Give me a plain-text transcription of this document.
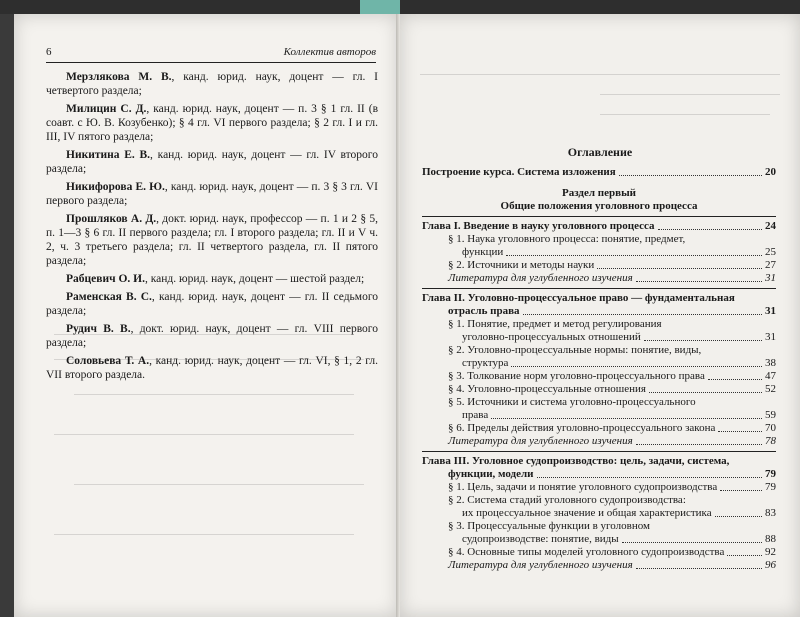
6	Коллектив авторов

Мерзлякова М. В., канд. юрид. наук, доцент — гл. I четвертого раздела;

Милицин С. Д., канд. юрид. наук, доцент — п. 3 § 1 гл. II (в соавт. с Ю. В. Козубенко); § 4 гл. VI первого раздела; § 2 гл. I и гл. III, IV пятого раздела;

Никитина Е. В., канд. юрид. наук, доцент — гл. IV второго раздела;

Никифорова Е. Ю., канд. юрид. наук, доцент — п. 3 § 3 гл. VI первого раздела;

Прошляков А. Д., докт. юрид. наук, профессор — п. 1 и 2 § 5, п. 1—3 § 6 гл. II первого раздела; гл. I второго раздела; гл. II и V ч. 2, ч. 3 третьего раздела; гл. II четвертого раздела, гл. II пятого раздела;

Рабцевич О. И., канд. юрид. наук, доцент — шестой раздел;

Раменская В. С., канд. юрид. наук, доцент — гл. II седьмого раздела;

Рудич В. В., докт. юрид. наук, доцент — гл. VIII первого раздела;

Соловьева Т. А., канд. юрид. наук, доцент — гл. VI, § 1, 2 гл. VII второго раздела.

Оглавление
Построение курса. Система изложения	20
Раздел первый
Общие положения уголовного процесса
Глава I. Введение в науку уголовного процесса	24
§ 1. Наука уголовного процесса: понятие, предмет,
функции	25
§ 2. Источники и методы науки	27
Литература для углубленного изучения	31
Глава II. Уголовно-процессуальное право — фундаментальная
отрасль права	31
§ 1. Понятие, предмет и метод регулирования
уголовно-процессуальных отношений	31
§ 2. Уголовно-процессуальные нормы: понятие, виды,
структура	38
§ 3. Толкование норм уголовно-процессуального права	47
§ 4. Уголовно-процессуальные отношения	52
§ 5. Источники и система уголовно-процессуального
права	59
§ 6. Пределы действия уголовно-процессуального закона	70
Литература для углубленного изучения	78
Глава III. Уголовное судопроизводство: цель, задачи, система,
функции, модели	79
§ 1. Цель, задачи и понятие уголовного судопроизводства	79
§ 2. Система стадий уголовного судопроизводства:
их процессуальное значение и общая характеристика	83
§ 3. Процессуальные функции в уголовном
судопроизводстве: понятие, виды	88
§ 4. Основные типы моделей уголовного судопроизводства	92
Литература для углубленного изучения	96
